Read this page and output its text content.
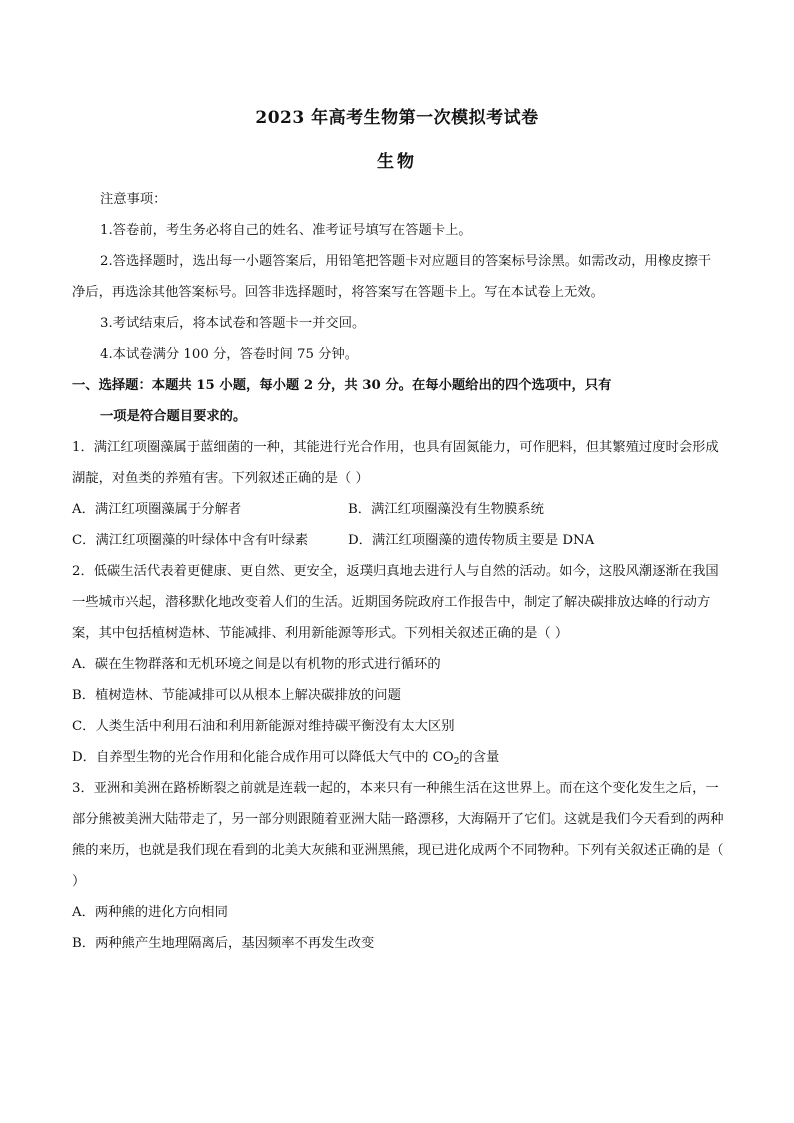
2023 年高考生物第一次模拟考试卷
生物

注意事项：

1.答卷前，考生务必将自己的姓名、准考证号填写在答题卡上。

2.答选择题时，选出每一小题答案后，用铅笔把答题卡对应题目的答案标号涂黑。如需改动，用橡皮擦干净后，再选涂其他答案标号。回答非选择题时，将答案写在答题卡上。写在本试卷上无效。

3.考试结束后，将本试卷和答题卡一并交回。

4.本试卷满分 100 分，答卷时间 75 分钟。

一、选择题：本题共 15 小题，每小题 2 分，共 30 分。在每小题给出的四个选项中，只有
一项是符合题目要求的。

1．满江红项圈藻属于蓝细菌的一种，其能进行光合作用，也具有固氮能力，可作肥料，但其繁殖过度时会形成湖靛，对鱼类的养殖有害。下列叙述正确的是（ ）

A．满江红项圈藻属于分解者	B．满江红项圈藻没有生物膜系统
C．满江红项圈藻的叶绿体中含有叶绿素	D．满江红项圈藻的遗传物质主要是 DNA

2．低碳生活代表着更健康、更自然、更安全，返璞归真地去进行人与自然的活动。如今，这股风潮逐渐在我国一些城市兴起，潜移默化地改变着人们的生活。近期国务院政府工作报告中，制定了解决碳排放达峰的行动方案，其中包括植树造林、节能减排、利用新能源等形式。下列相关叙述正确的是（ ）

A．碳在生物群落和无机环境之间是以有机物的形式进行循环的

B．植树造林、节能减排可以从根本上解决碳排放的问题

C．人类生活中利用石油和利用新能源对维持碳平衡没有太大区别

D．自养型生物的光合作用和化能合成作用可以降低大气中的 $CO_2$的含量

3．亚洲和美洲在路桥断裂之前就是连载一起的，本来只有一种熊生活在这世界上。而在这个变化发生之后，一部分熊被美洲大陆带走了，另一部分则跟随着亚洲大陆一路漂移，大海隔开了它们。这就是我们今天看到的两种熊的来历，也就是我们现在看到的北美大灰熊和亚洲黑熊，现已进化成两个不同物种。下列有关叙述正确的是（ ）

A．两种熊的进化方向相同

B．两种熊产生地理隔离后，基因频率不再发生改变
